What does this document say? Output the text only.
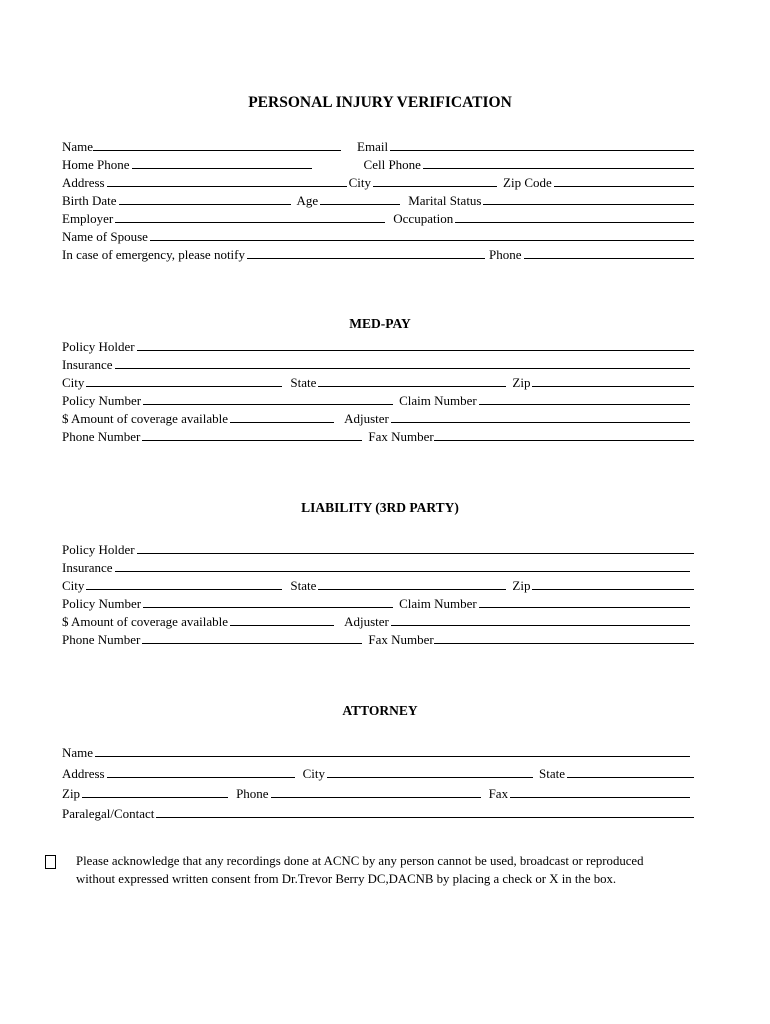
PERSONAL INJURY VERIFICATION
Name	Email
Home Phone	Cell Phone
Address	City	Zip Code
Birth Date	Age	Marital Status
Employer	Occupation
Name of Spouse
In case of emergency, please notify	Phone
MED-PAY
Policy Holder
Insurance
City	State	Zip
Policy Number	Claim Number
$ Amount of coverage available	Adjuster
Phone Number	Fax Number
LIABILITY (3RD PARTY)
Policy Holder
Insurance
City	State	Zip
Policy Number	Claim Number
$ Amount of coverage available	Adjuster
Phone Number	Fax Number
ATTORNEY
Name
Address	City	State
Zip	Phone	Fax
Paralegal/Contact
Please acknowledge that any recordings done at ACNC by any person cannot be used, broadcast or reproduced
without expressed written consent from Dr.Trevor Berry DC,DACNB by placing a check or X in the box.
